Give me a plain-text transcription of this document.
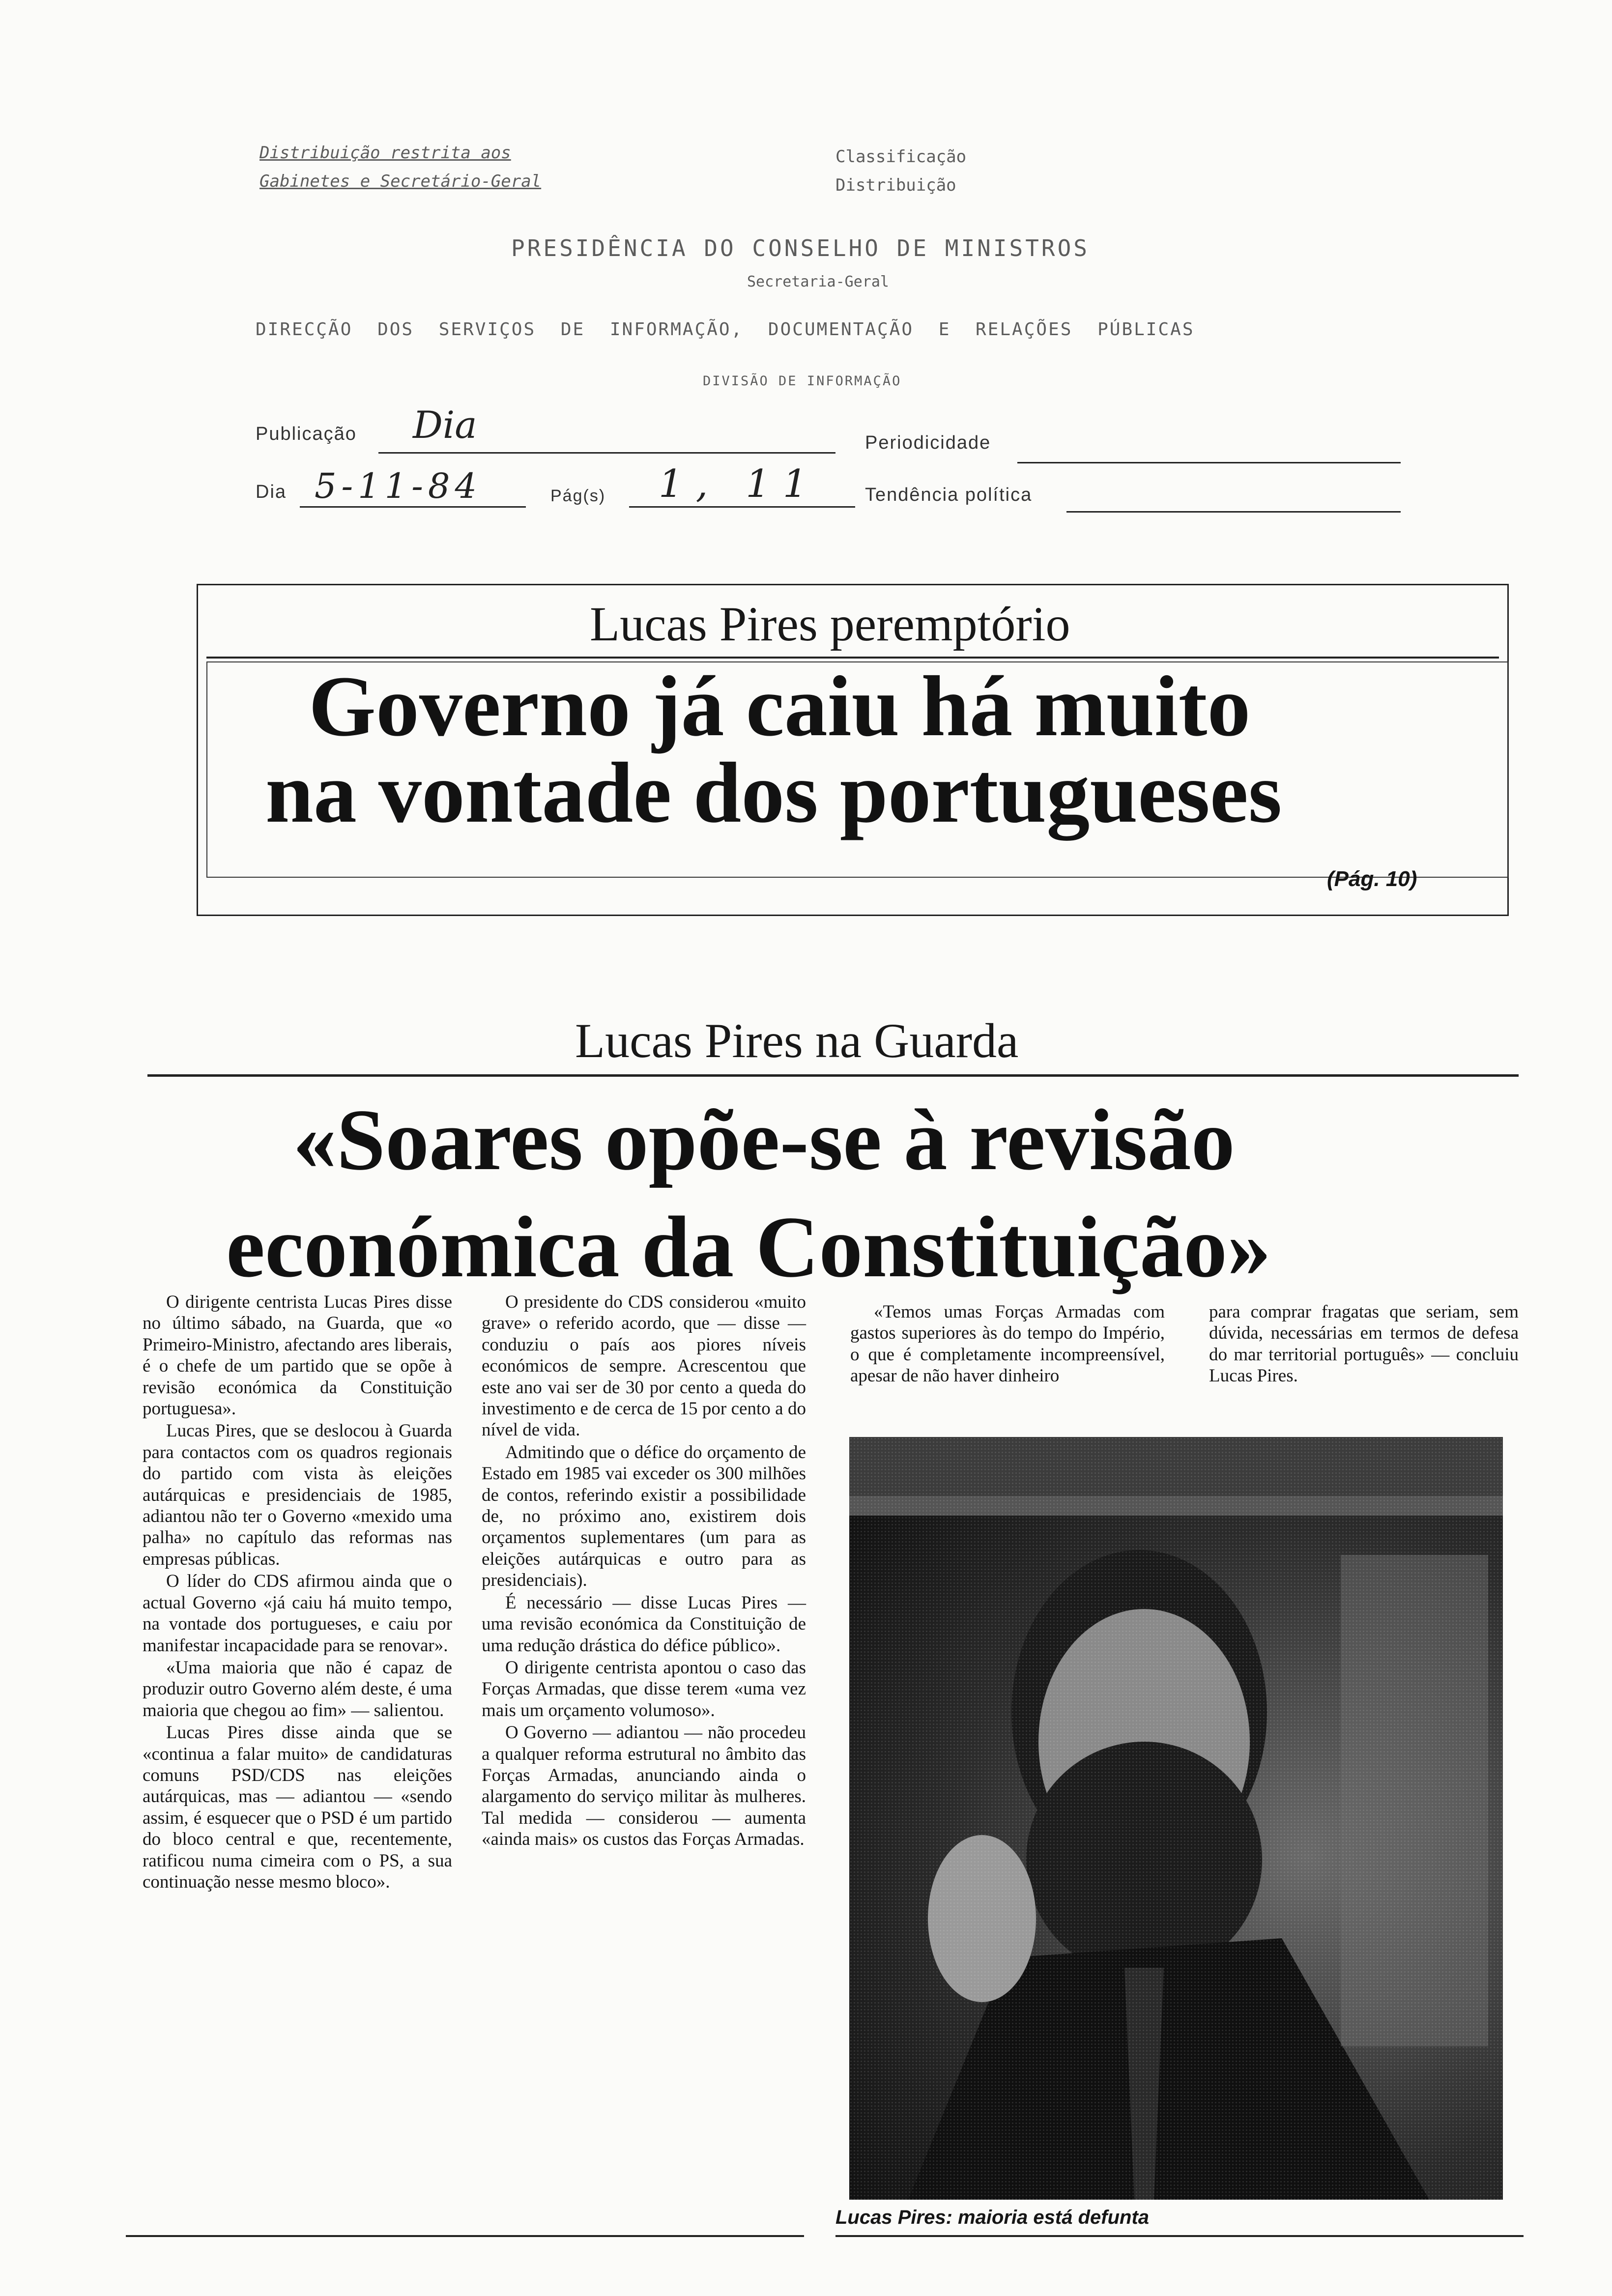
Distribuição restrita aos
Gabinetes e Secretário-Geral
Classificação
Distribuição
PRESIDÊNCIA DO CONSELHO DE MINISTROS
Secretaria-Geral
DIRECÇÃO DOS SERVIÇOS DE INFORMAÇÃO, DOCUMENTAÇÃO E RELAÇÕES PÚBLICAS
DIVISÃO DE INFORMAÇÃO
Publicação Dia	Periodicidade
Dia 5-11-84	Pág(s) 1, 11 Tendência política
Lucas Pires peremptório
Governo já caiu há muito
na vontade dos portugueses
(Pág. 10)
Lucas Pires na Guarda
«Soares opõe-se à revisão
económica da Constituição»

O dirigente centrista Lucas Pires disse no último sábado, na Guarda, que «o Primeiro-Ministro, afectando ares liberais, é o chefe de um partido que se opõe à revisão económica da Constituição portuguesa».

Lucas Pires, que se deslocou à Guarda para contactos com os quadros regionais do partido com vista às eleições autárquicas e presidenciais de 1985, adiantou não ter o Governo «mexido uma palha» no capítulo das reformas nas empresas públicas.

O líder do CDS afirmou ainda que o actual Governo «já caiu há muito tempo, na vontade dos portugueses, e caiu por manifestar incapacidade para se renovar».

«Uma maioria que não é capaz de produzir outro Governo além deste, é uma maioria que chegou ao fim» — salientou.

Lucas Pires disse ainda que se «continua a falar muito» de candidaturas comuns PSD/CDS nas eleições autárquicas, mas — adiantou — «sendo assim, é esquecer que o PSD é um partido do bloco central e que, recentemente, ratificou numa cimeira com o PS, a sua continuação nesse mesmo bloco».

O presidente do CDS considerou «muito grave» o referido acordo, que — disse — conduziu o país aos piores níveis económicos de sempre. Acrescentou que este ano vai ser de 30 por cento a queda do investimento e de cerca de 15 por cento a do nível de vida.

Admitindo que o défice do orçamento de Estado em 1985 vai exceder os 300 milhões de contos, referindo existir a possibilidade de, no próximo ano, existirem dois orçamentos suplementares (um para as eleições autárquicas e outro para as presidenciais).

É necessário — disse Lucas Pires — uma revisão económica da Constituição de uma redução drástica do défice público».

O dirigente centrista apontou o caso das Forças Armadas, que disse terem «uma vez mais um orçamento volumoso».

O Governo — adiantou — não procedeu a qualquer reforma estrutural no âmbito das Forças Armadas, anunciando ainda o alargamento do serviço militar às mulheres. Tal medida — considerou — aumenta «ainda mais» os custos das Forças Armadas.

«Temos umas Forças Armadas com gastos superiores às do tempo do Império, o que é completamente incompreensível, apesar de não haver dinheiro

para comprar fragatas que seriam, sem dúvida, necessárias em termos de defesa do mar territorial português» — concluiu Lucas Pires.

Lucas Pires: maioria está defunta
